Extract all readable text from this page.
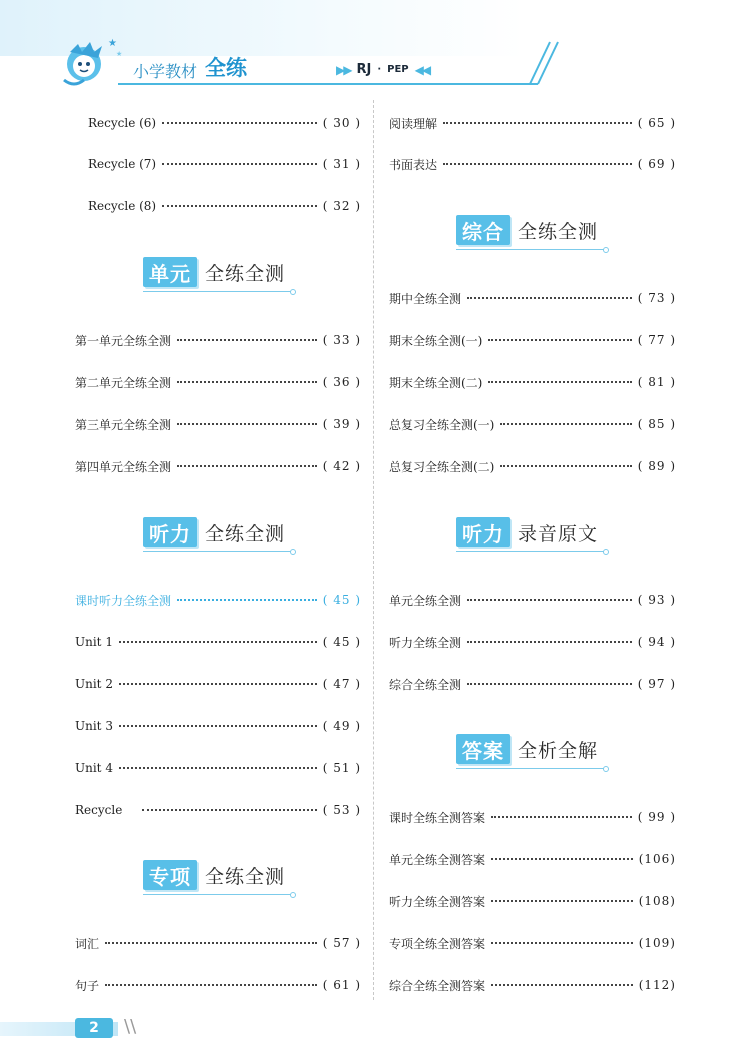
★
★
小学教材 全练	▶▶ RJ · PEP ◀◀
Recycle (6)	( 30 )
Recycle (7)	( 31 )
Recycle (8)	( 32 )
单元 全练全测
第一单元全练全测	( 33 )
第二单元全练全测	( 36 )
第三单元全练全测	( 39 )
第四单元全练全测	( 42 )
听力 全练全测
课时听力全练全测	( 45 )
Unit 1	( 45 )
Unit 2	( 47 )
Unit 3	( 49 )
Unit 4	( 51 )
Recycle	( 53 )
专项 全练全测
词汇	( 57 )
句子	( 61 )
阅读理解	( 65 )
书面表达	( 69 )
综合 全练全测
期中全练全测	( 73 )
期末全练全测(一)	( 77 )
期末全练全测(二)	( 81 )
总复习全练全测(一)	( 85 )
总复习全练全测(二)	( 89 )
听力 录音原文
单元全练全测	( 93 )
听力全练全测	( 94 )
综合全练全测	( 97 )
答案 全析全解
课时全练全测答案	( 99 )
单元全练全测答案	(106)
听力全练全测答案	(108)
专项全练全测答案	(109)
综合全练全测答案	(112)
2	\\
